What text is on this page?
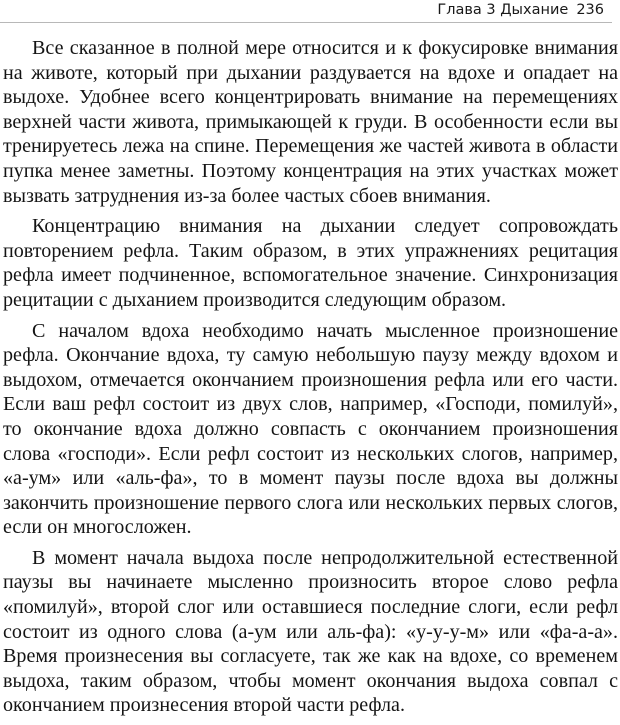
Глава 3 Дыхание 236

Все сказанное в полной мере относится и к фокусировке внимания на животе, который при дыхании раздувается на вдохе и опадает на выдохе. Удобнее всего концентрировать внимание на перемещениях верхней части живота, примыкающей к груди. В особенности если вы тренируетесь лежа на спине. Перемещения же частей живота в области пупка менее заметны. Поэтому концентрация на этих участках может вызвать затруднения из-за более частых сбоев внимания.

Концентрацию внимания на дыхании следует сопровождать повторением рефла. Таким образом, в этих упражнениях рецитация рефла имеет подчиненное, вспомогательное значение. Синхронизация рецитации с дыханием производится следующим образом.

С началом вдоха необходимо начать мысленное произношение рефла. Окончание вдоха, ту самую небольшую паузу между вдохом и выдохом, отмечается окончанием произношения рефла или его части. Если ваш рефл состоит из двух слов, например, «Господи, помилуй», то окончание вдоха должно совпасть с окончанием произношения слова «господи». Если рефл состоит из нескольких слогов, например, «а-ум» или «аль-фа», то в момент паузы после вдоха вы должны закончить произношение первого слога или нескольких первых слогов, если он многосложен.

В момент начала выдоха после непродолжительной естественной паузы вы начинаете мысленно произносить второе слово рефла «помилуй», второй слог или оставшиеся последние слоги, если рефл состоит из одного слова (а-ум или аль-фа): «у-у-у-м» или «фа-а-а». Время произнесения вы согласуете, так же как на вдохе, со временем выдоха, таким образом, чтобы момент окончания выдоха совпал с окончанием произнесения второй части рефла.
